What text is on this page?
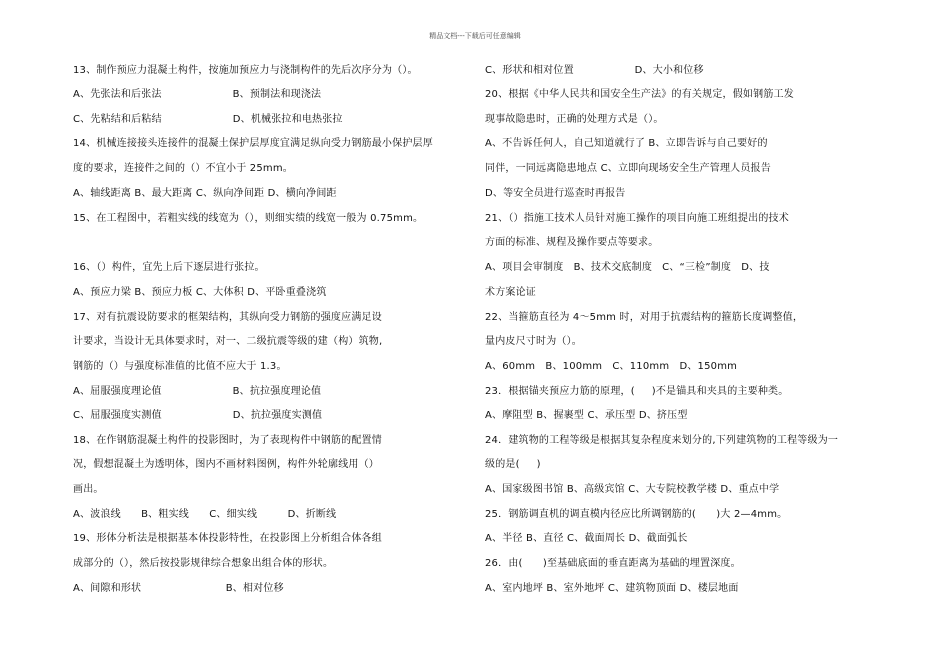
精品文档---下载后可任意编辑
13、制作预应力混凝土构件，按施加预应力与浇制构件的先后次序分为（）。
A、先张法和后张法                     B、预制法和现浇法
C、先粘结和后粘结                     D、机械张拉和电热张拉
14、机械连接接头连接件的混凝土保护层厚度宜满足纵向受力钢筋最小保护层厚
度的要求，连接件之间的（）不宜小于 25mm。
A、轴线距离 B、最大距离 C、纵向净间距 D、横向净间距
15、在工程图中，若粗实线的线宽为（），则细实绩的线宽一般为 0.75mm。
16、（）构件，宜先上后下逐层进行张拉。
A、预应力梁 B、预应力板 C、大体积 D、平卧重叠浇筑
17、对有抗震设防要求的框架结构，其纵向受力钢筋的强度应满足设
计要求，当设计无具体要求时，对一、二级抗震等级的建（构）筑物,
钢筋的（）与强度标准值的比值不应大于 1.3。
A、屈服强度理论值                     B、抗拉强度理论值
C、屈服强度实测值                     D、抗拉强度实测值
18、在作钢筋混凝土构件的投影图时，为了表现构件中钢筋的配置情
况，假想混凝土为透明体，图内不画材料图例，构件外轮廓线用（）
画出。
A、波浪线      B、粗实线      C、细实线         D、折断线
19、形体分析法是根据基本体投影特性，在投影图上分析组合体各组
成部分的（），然后按投影规律综合想象出组合体的形状。
A、间隙和形状                         B、相对位移
C、形状和相对位置                  D、大小和位移
20、根据《中华人民共和国安全生产法》的有关规定，假如钢筋工发
现事故隐患时，正确的处理方式是（）。
A、不告诉任何人，自己知道就行了 B、立即告诉与自己要好的
同伴，一同远离隐患地点 C、立即向现场安全生产管理人员报告
D、等安全员进行巡查时再报告
21、（）指施工技术人员针对施工操作的项目向施工班组提出的技术
方面的标准、规程及操作要点等要求。
A、项目会审制度   B、技术交底制度   C、“三检”制度   D、技
术方案论证
22、当箍筋直径为 4～5mm 时，对用于抗震结构的箍筋长度调整值，
量内皮尺寸时为（）。
A、60mm   B、100mm   C、110mm   D、150mm
23．根据锚夹预应力筋的原理，(     )不是锚具和夹具的主要种类。
A、摩阻型 B、握裹型 C、承压型 D、挤压型
24．建筑物的工程等级是根据其复杂程度来划分的,下列建筑物的工程等级为一
级的是(     )
A、国家级图书馆 B、高级宾馆 C、大专院校教学楼 D、重点中学
25．钢筋调直机的调直模内径应比所调钢筋的(      )大 2—4mm。
A、半径 B、直径 C、截面周长 D、截面弧长
26．由(      )至基础底面的垂直距离为基础的埋置深度。
A、室内地坪 B、室外地坪 C、建筑物顶面 D、楼层地面
